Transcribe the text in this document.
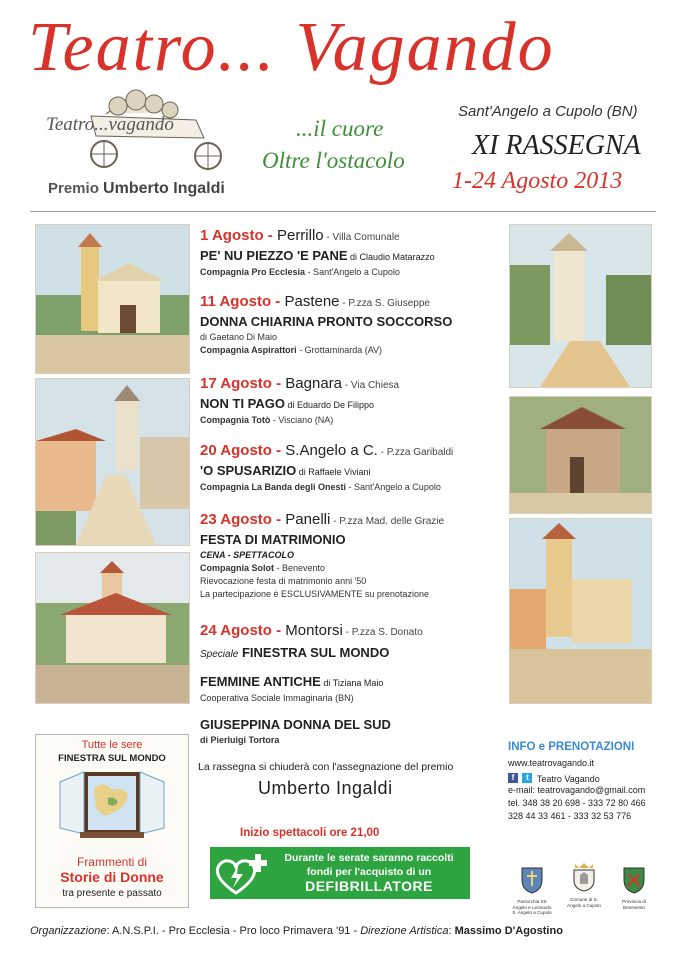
Teatro... Vagando
Teatro...vagando
Premio Umberto Ingaldi
...il cuore
Oltre l'ostacolo
Sant'Angelo a Cupolo (BN)
XI RASSEGNA
1-24 Agosto 2013
1 Agosto - Perrillo - Villa Comunale
PE' NU PIEZZO 'E PANE di Claudio Matarazzo
Compagnia Pro Ecclesia - Sant'Angelo a Cupolo
11 Agosto - Pastene - P.zza S. Giuseppe
DONNA CHIARINA PRONTO SOCCORSO
di Gaetano Di Maio
Compagnia Aspirattori - Grottaminarda (AV)
17 Agosto - Bagnara - Via Chiesa
NON TI PAGO di Eduardo De Filippo
Compagnia Totò - Visciano (NA)
20 Agosto - S.Angelo a C. - P.zza Garibaldi
'O SPUSARIZIO di Raffaele Viviani
Compagnia La Banda degli Onesti - Sant'Angelo a Cupolo
23 Agosto - Panelli - P.zza Mad. delle Grazie
FESTA DI MATRIMONIO
CENA - SPETTACOLO
Compagnia Solot - Benevento
Rievocazione festa di matrimonio anni '50
La partecipazione è ESCLUSIVAMENTE su prenotazione
24 Agosto - Montorsi - P.zza S. Donato
Speciale FINESTRA SUL MONDO
FEMMINE ANTICHE di Tiziana Maio
Cooperativa Sociale Immaginaria (BN)
GIUSEPPINA DONNA DEL SUD
di Pierluigi Tortora
La rassegna si chiuderà con l'assegnazione del premio
Umberto Ingaldi
Inizio spettacoli ore 21,00
Durante le serate saranno raccolti
fondi per l'acquisto di un
DEFIBRILLATORE
Tutte le sere
FINESTRA SUL MONDO
Frammenti di
Storie di Donne
tra presente e passato
INFO e PRENOTAZIONI
www.teatrovagando.it
f t Teatro Vagando
e-mail: teatrovagando@gmail.com
tel. 348 38 20 698 - 333 72 80 466
328 44 33 461 - 333 32 53 776
Parrocchia SS Angelo e Leonardo S. Angelo a Cupolo
Comune di S. Angelo a Cupolo
Provincia di Benevento
Organizzazione: A.N.S.P.I. - Pro Ecclesia - Pro loco Primavera '91 - Direzione Artistica: Massimo D'Agostino
